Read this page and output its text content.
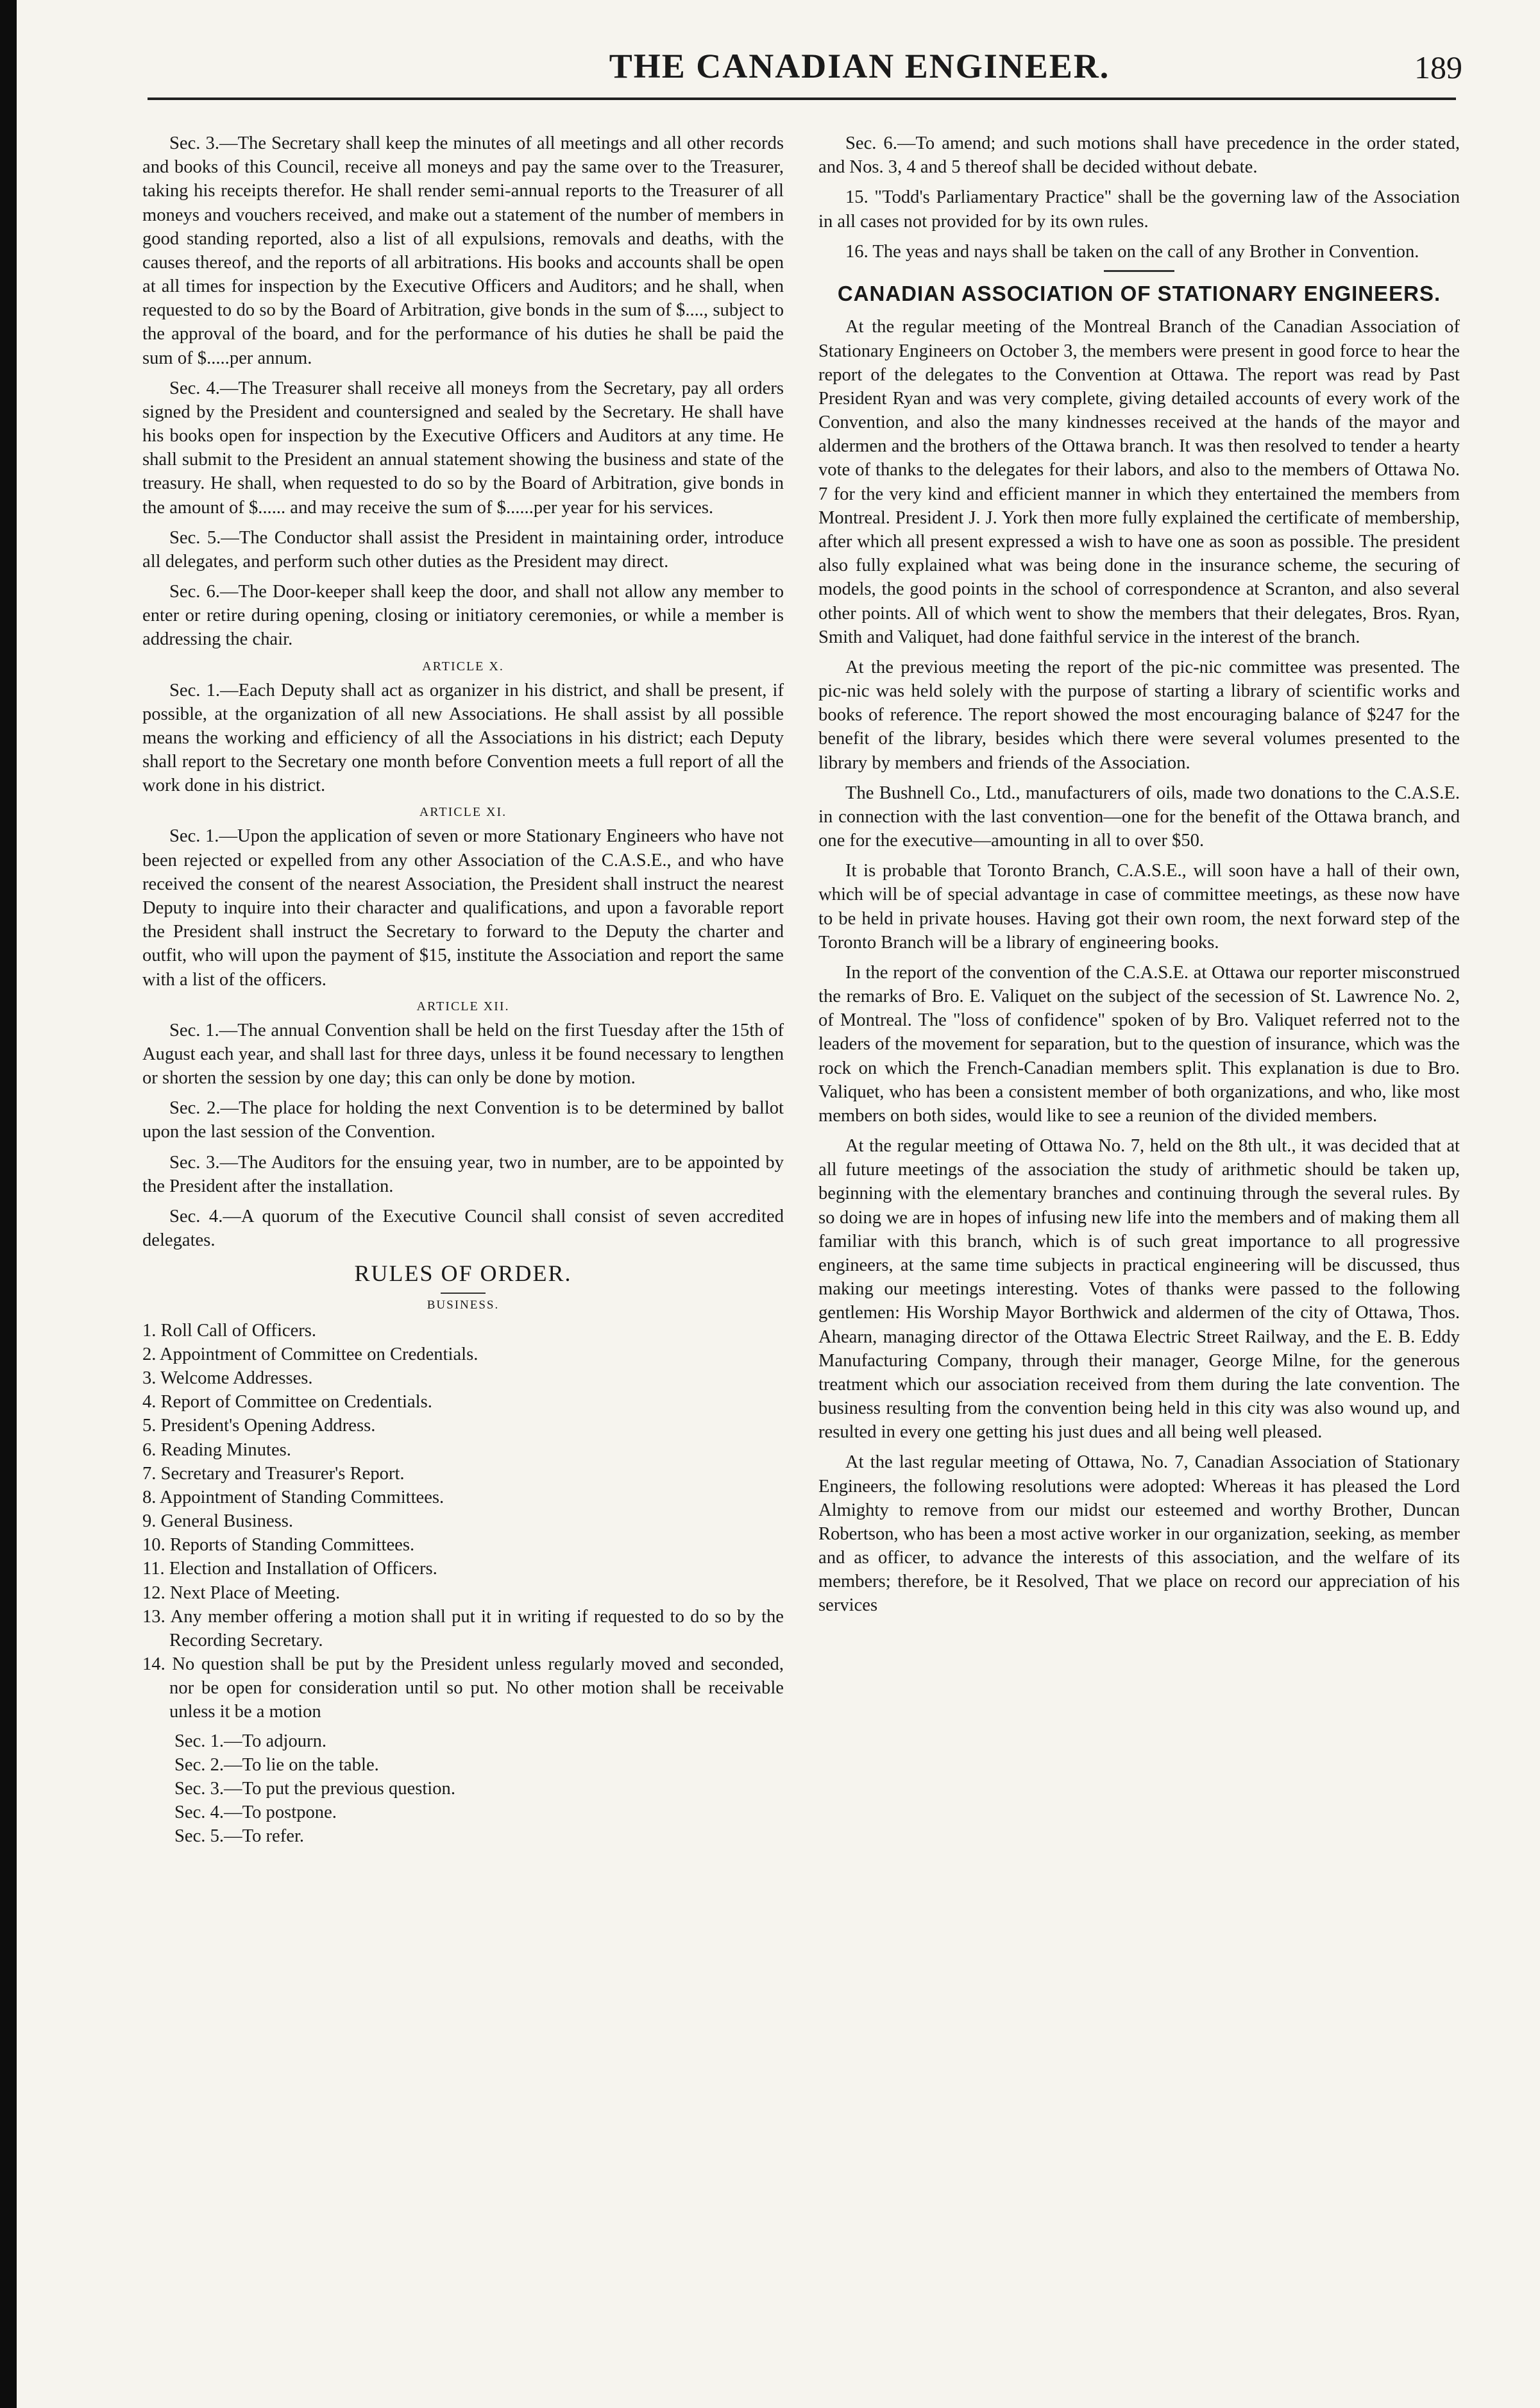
THE CANADIAN ENGINEER.	189

Sec. 3.—The Secretary shall keep the minutes of all meetings and all other records and books of this Council, receive all moneys and pay the same over to the Treasurer, taking his receipts therefor. He shall render semi-annual reports to the Treasurer of all moneys and vouchers received, and make out a statement of the number of members in good standing reported, also a list of all expulsions, removals and deaths, with the causes thereof, and the reports of all arbitrations. His books and accounts shall be open at all times for inspection by the Executive Officers and Auditors; and he shall, when requested to do so by the Board of Arbitration, give bonds in the sum of $...., subject to the approval of the board, and for the performance of his duties he shall be paid the sum of $.....per annum.

Sec. 4.—The Treasurer shall receive all moneys from the Secretary, pay all orders signed by the President and countersigned and sealed by the Secretary. He shall have his books open for inspection by the Executive Officers and Auditors at any time. He shall submit to the President an annual statement showing the business and state of the treasury. He shall, when requested to do so by the Board of Arbitration, give bonds in the amount of $...... and may receive the sum of $......per year for his services.

Sec. 5.—The Conductor shall assist the President in maintaining order, introduce all delegates, and perform such other duties as the President may direct.

Sec. 6.—The Door-keeper shall keep the door, and shall not allow any member to enter or retire during opening, closing or initiatory ceremonies, or while a member is addressing the chair.

ARTICLE X.

Sec. 1.—Each Deputy shall act as organizer in his district, and shall be present, if possible, at the organization of all new Associations. He shall assist by all possible means the working and efficiency of all the Associations in his district; each Deputy shall report to the Secretary one month before Convention meets a full report of all the work done in his district.

ARTICLE XI.

Sec. 1.—Upon the application of seven or more Stationary Engineers who have not been rejected or expelled from any other Association of the C.A.S.E., and who have received the consent of the nearest Association, the President shall instruct the nearest Deputy to inquire into their character and qualifications, and upon a favorable report the President shall instruct the Secretary to forward to the Deputy the charter and outfit, who will upon the payment of $15, institute the Association and report the same with a list of the officers.

ARTICLE XII.

Sec. 1.—The annual Convention shall be held on the first Tuesday after the 15th of August each year, and shall last for three days, unless it be found necessary to lengthen or shorten the session by one day; this can only be done by motion.

Sec. 2.—The place for holding the next Convention is to be determined by ballot upon the last session of the Convention.

Sec. 3.—The Auditors for the ensuing year, two in number, are to be appointed by the President after the installation.

Sec. 4.—A quorum of the Executive Council shall consist of seven accredited delegates.

RULES OF ORDER.
BUSINESS.
1. Roll Call of Officers.
2. Appointment of Committee on Credentials.
3. Welcome Addresses.
4. Report of Committee on Credentials.
5. President's Opening Address.
6. Reading Minutes.
7. Secretary and Treasurer's Report.
8. Appointment of Standing Committees.
9. General Business.
10. Reports of Standing Committees.
11. Election and Installation of Officers.
12. Next Place of Meeting.
13. Any member offering a motion shall put it in writing if requested to do so by the Recording Secretary.
14. No question shall be put by the President unless regularly moved and seconded, nor be open for consideration until so put. No other motion shall be receivable unless it be a motion
Sec. 1.—To adjourn.
Sec. 2.—To lie on the table.
Sec. 3.—To put the previous question.
Sec. 4.—To postpone.
Sec. 5.—To refer.

Sec. 6.—To amend; and such motions shall have precedence in the order stated, and Nos. 3, 4 and 5 thereof shall be decided without debate.

15. "Todd's Parliamentary Practice" shall be the governing law of the Association in all cases not provided for by its own rules.

16. The yeas and nays shall be taken on the call of any Brother in Convention.

CANADIAN ASSOCIATION OF STATIONARY ENGINEERS.

At the regular meeting of the Montreal Branch of the Canadian Association of Stationary Engineers on October 3, the members were present in good force to hear the report of the delegates to the Convention at Ottawa. The report was read by Past President Ryan and was very complete, giving detailed accounts of every work of the Convention, and also the many kindnesses received at the hands of the mayor and aldermen and the brothers of the Ottawa branch. It was then resolved to tender a hearty vote of thanks to the delegates for their labors, and also to the members of Ottawa No. 7 for the very kind and efficient manner in which they entertained the members from Montreal. President J. J. York then more fully explained the certificate of membership, after which all present expressed a wish to have one as soon as possible. The president also fully explained what was being done in the insurance scheme, the securing of models, the good points in the school of correspondence at Scranton, and also several other points. All of which went to show the members that their delegates, Bros. Ryan, Smith and Valiquet, had done faithful service in the interest of the branch.

At the previous meeting the report of the pic-nic committee was presented. The pic-nic was held solely with the purpose of starting a library of scientific works and books of reference. The report showed the most encouraging balance of $247 for the benefit of the library, besides which there were several volumes presented to the library by members and friends of the Association.

The Bushnell Co., Ltd., manufacturers of oils, made two donations to the C.A.S.E. in connection with the last convention—one for the benefit of the Ottawa branch, and one for the executive—amounting in all to over $50.

It is probable that Toronto Branch, C.A.S.E., will soon have a hall of their own, which will be of special advantage in case of committee meetings, as these now have to be held in private houses. Having got their own room, the next forward step of the Toronto Branch will be a library of engineering books.

In the report of the convention of the C.A.S.E. at Ottawa our reporter misconstrued the remarks of Bro. E. Valiquet on the subject of the secession of St. Lawrence No. 2, of Montreal. The "loss of confidence" spoken of by Bro. Valiquet referred not to the leaders of the movement for separation, but to the question of insurance, which was the rock on which the French-Canadian members split. This explanation is due to Bro. Valiquet, who has been a consistent member of both organizations, and who, like most members on both sides, would like to see a reunion of the divided members.

At the regular meeting of Ottawa No. 7, held on the 8th ult., it was decided that at all future meetings of the association the study of arithmetic should be taken up, beginning with the elementary branches and continuing through the several rules. By so doing we are in hopes of infusing new life into the members and of making them all familiar with this branch, which is of such great importance to all progressive engineers, at the same time subjects in practical engineering will be discussed, thus making our meetings interesting. Votes of thanks were passed to the following gentlemen: His Worship Mayor Borthwick and aldermen of the city of Ottawa, Thos. Ahearn, managing director of the Ottawa Electric Street Railway, and the E. B. Eddy Manufacturing Company, through their manager, George Milne, for the generous treatment which our association received from them during the late convention. The business resulting from the convention being held in this city was also wound up, and resulted in every one getting his just dues and all being well pleased.

At the last regular meeting of Ottawa, No. 7, Canadian Association of Stationary Engineers, the following resolutions were adopted: Whereas it has pleased the Lord Almighty to remove from our midst our esteemed and worthy Brother, Duncan Robertson, who has been a most active worker in our organization, seeking, as member and as officer, to advance the interests of this association, and the welfare of its members; therefore, be it Resolved, That we place on record our appreciation of his services
